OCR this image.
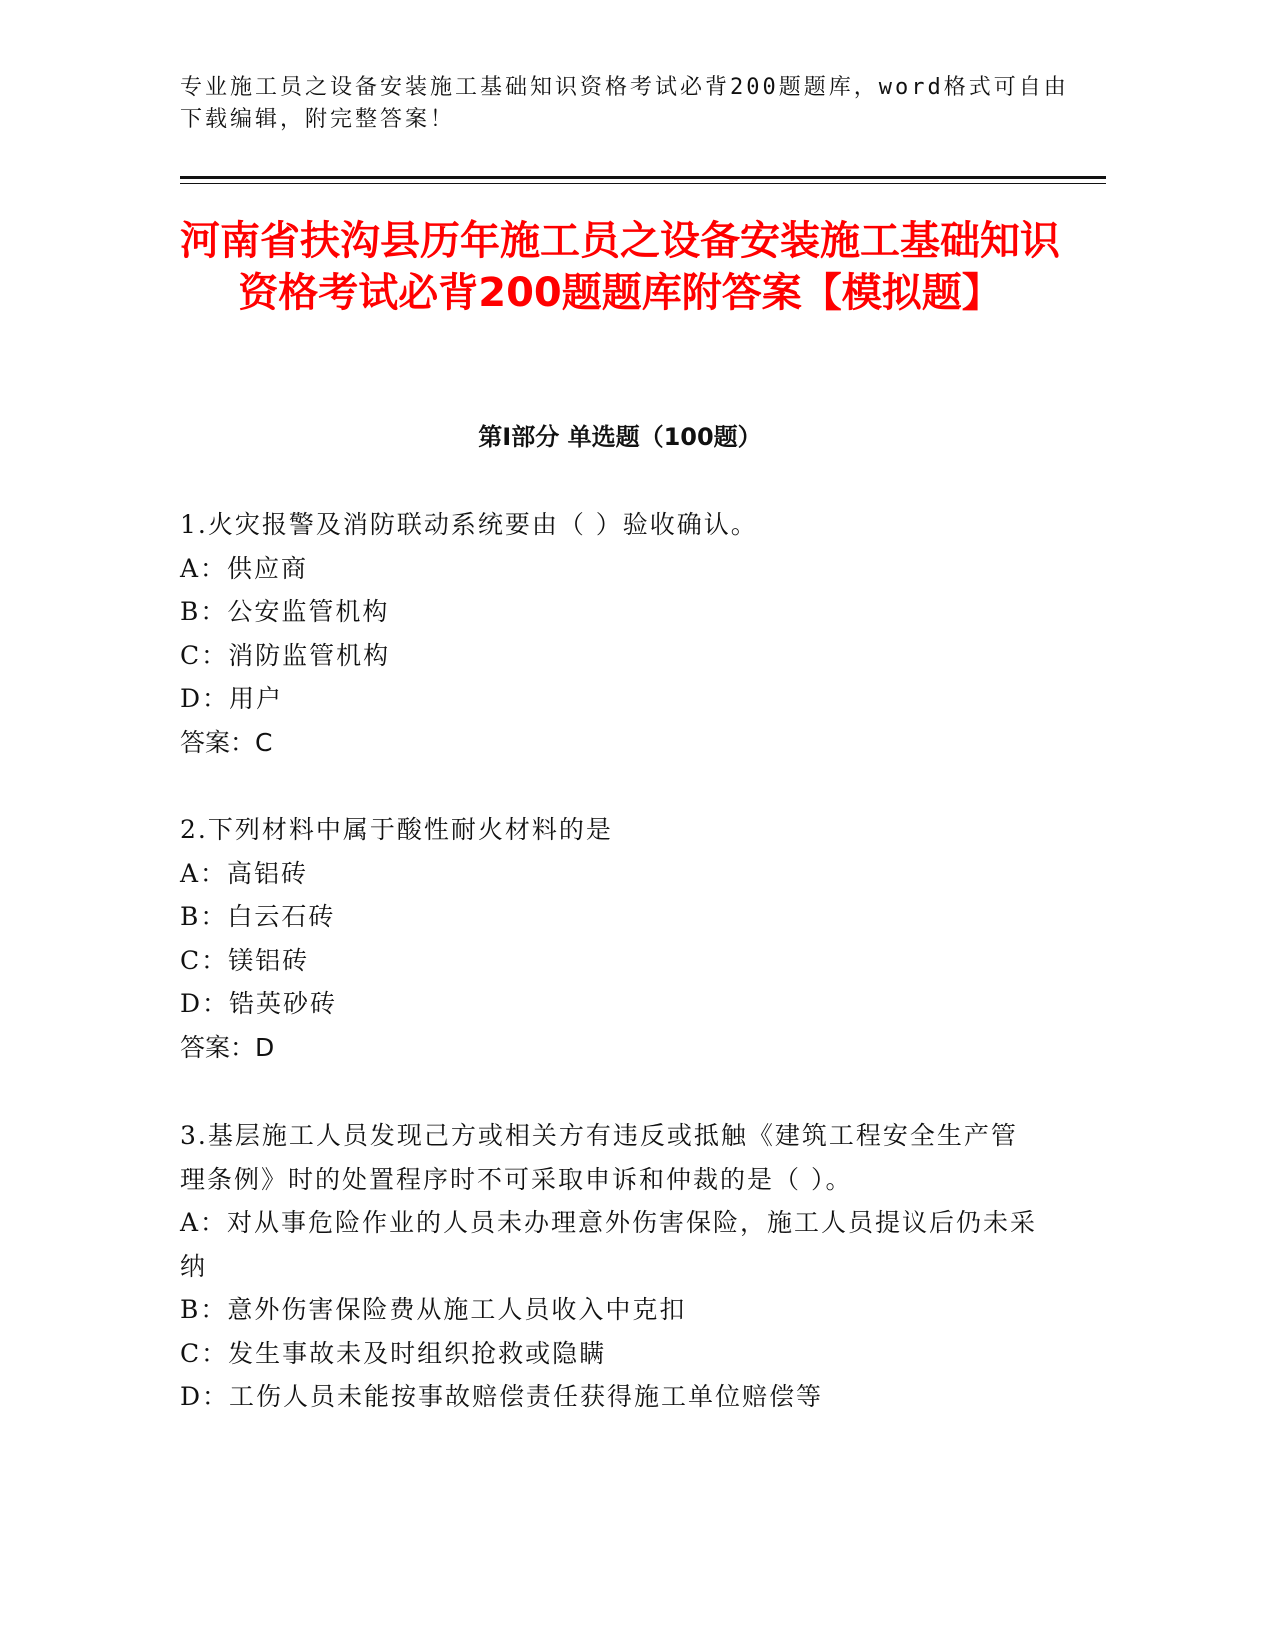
专业施工员之设备安装施工基础知识资格考试必背200题题库，word格式可自由下载编辑，附完整答案！
河南省扶沟县历年施工员之设备安装施工基础知识资格考试必背200题题库附答案【模拟题】
第I部分 单选题（100题）
1.火灾报警及消防联动系统要由（ ）验收确认。
A：供应商
B：公安监管机构
C：消防监管机构
D：用户
答案：C
2.下列材料中属于酸性耐火材料的是
A：高铝砖
B：白云石砖
C：镁铝砖
D：锆英砂砖
答案：D
3.基层施工人员发现己方或相关方有违反或抵触《建筑工程安全生产管理条例》时的处置程序时不可采取申诉和仲裁的是（ ）。
A：对从事危险作业的人员未办理意外伤害保险，施工人员提议后仍未采纳
B：意外伤害保险费从施工人员收入中克扣
C：发生事故未及时组织抢救或隐瞒
D：工伤人员未能按事故赔偿责任获得施工单位赔偿等
